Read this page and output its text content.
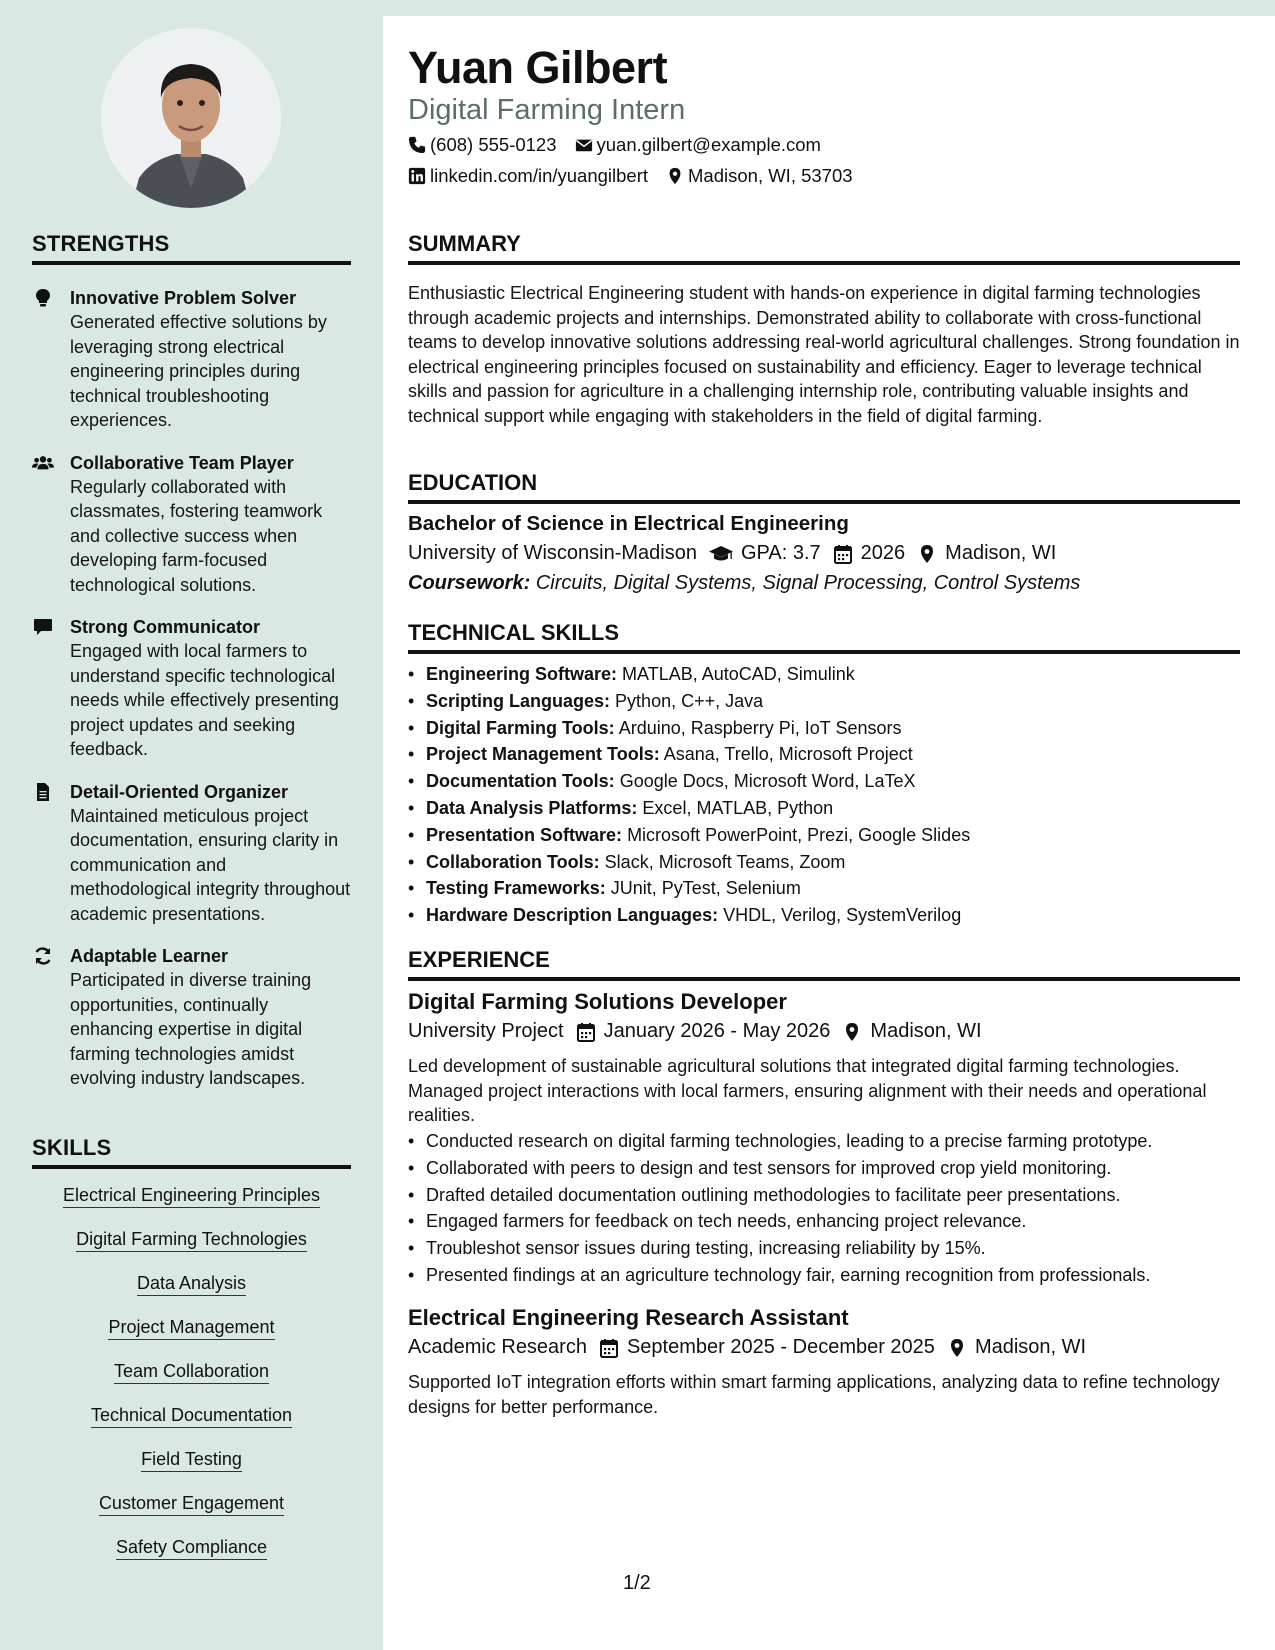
STRENGTHS
Innovative Problem Solver
Generated effective solutions by leveraging strong electrical engineering principles during technical troubleshooting experiences.
Collaborative Team Player
Regularly collaborated with classmates, fostering teamwork and collective success when developing farm-focused technological solutions.
Strong Communicator
Engaged with local farmers to understand specific technological needs while effectively presenting project updates and seeking feedback.
Detail-Oriented Organizer
Maintained meticulous project documentation, ensuring clarity in communication and methodological integrity throughout academic presentations.
Adaptable Learner
Participated in diverse training opportunities, continually enhancing expertise in digital farming technologies amidst evolving industry landscapes.
SKILLS
Electrical Engineering Principles
Digital Farming Technologies
Data Analysis
Project Management
Team Collaboration
Technical Documentation
Field Testing
Customer Engagement
Safety Compliance
Yuan Gilbert
Digital Farming Intern
(608) 555-0123 yuan.gilbert@example.com
linkedin.com/in/yuangilbert Madison, WI, 53703
SUMMARY

Enthusiastic Electrical Engineering student with hands-on experience in digital farming technologies through academic projects and internships. Demonstrated ability to collaborate with cross-functional teams to develop innovative solutions addressing real-world agricultural challenges. Strong foundation in electrical engineering principles focused on sustainability and efficiency. Eager to leverage technical skills and passion for agriculture in a challenging internship role, contributing valuable insights and technical support while engaging with stakeholders in the field of digital farming.

EDUCATION
Bachelor of Science in Electrical Engineering
University of Wisconsin-Madison GPA: 3.7 2026 Madison, WI
Coursework: Circuits, Digital Systems, Signal Processing, Control Systems
TECHNICAL SKILLS
• Engineering Software: MATLAB, AutoCAD, Simulink
• Scripting Languages: Python, C++, Java
• Digital Farming Tools: Arduino, Raspberry Pi, IoT Sensors
• Project Management Tools: Asana, Trello, Microsoft Project
• Documentation Tools: Google Docs, Microsoft Word, LaTeX
• Data Analysis Platforms: Excel, MATLAB, Python
• Presentation Software: Microsoft PowerPoint, Prezi, Google Slides
• Collaboration Tools: Slack, Microsoft Teams, Zoom
• Testing Frameworks: JUnit, PyTest, Selenium
• Hardware Description Languages: VHDL, Verilog, SystemVerilog
EXPERIENCE
Digital Farming Solutions Developer
University Project January 2026 - May 2026 Madison, WI

Led development of sustainable agricultural solutions that integrated digital farming technologies. Managed project interactions with local farmers, ensuring alignment with their needs and operational realities.

• Conducted research on digital farming technologies, leading to a precise farming prototype.
• Collaborated with peers to design and test sensors for improved crop yield monitoring.
• Drafted detailed documentation outlining methodologies to facilitate peer presentations.
• Engaged farmers for feedback on tech needs, enhancing project relevance.
• Troubleshot sensor issues during testing, increasing reliability by 15%.
• Presented findings at an agriculture technology fair, earning recognition from professionals.
Electrical Engineering Research Assistant
Academic Research September 2025 - December 2025 Madison, WI

Supported IoT integration efforts within smart farming applications, analyzing data to refine technology designs for better performance.

1/2
